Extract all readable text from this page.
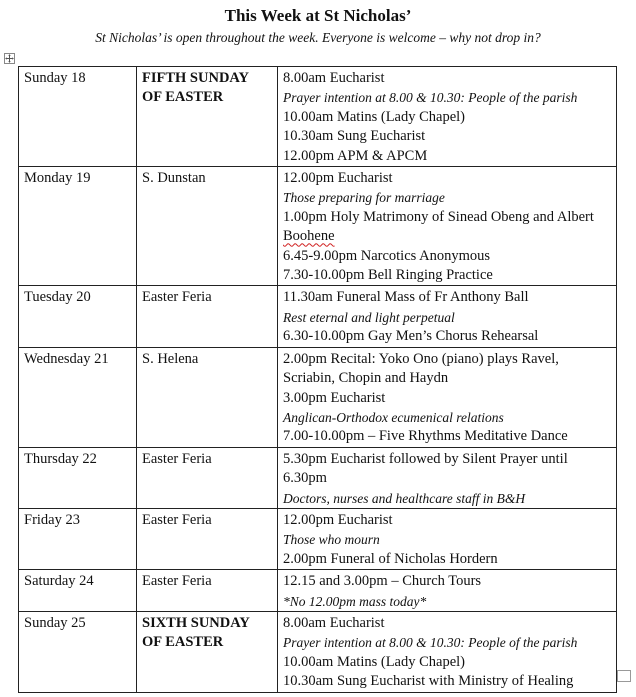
This Week at St Nicholas’
St Nicholas’ is open throughout the week. Everyone is welcome – why not drop in?
Sunday 18	FIFTH SUNDAY OF EASTER	8.00am Eucharist
Prayer intention at 8.00 & 10.30: People of the parish
10.00am Matins (Lady Chapel)
10.30am Sung Eucharist
12.00pm APM & APCM

Monday 19	S. Dunstan	12.00pm Eucharist
Those preparing for marriage
1.00pm Holy Matrimony of Sinead Obeng and Albert Boohene
6.45-9.00pm Narcotics Anonymous
7.30-10.00pm Bell Ringing Practice

Tuesday 20	Easter Feria	11.30am Funeral Mass of Fr Anthony Ball
Rest eternal and light perpetual
6.30-10.00pm Gay Men’s Chorus Rehearsal

Wednesday 21	S. Helena	2.00pm Recital: Yoko Ono (piano) plays Ravel, Scriabin, Chopin and Haydn
3.00pm Eucharist
Anglican-Orthodox ecumenical relations
7.00-10.00pm – Five Rhythms Meditative Dance

Thursday 22	Easter Feria	5.30pm Eucharist followed by Silent Prayer until 6.30pm
Doctors, nurses and healthcare staff in B&H

Friday 23	Easter Feria	12.00pm Eucharist
Those who mourn
2.00pm Funeral of Nicholas Hordern

Saturday 24	Easter Feria	12.15 and 3.00pm – Church Tours
*No 12.00pm mass today*

Sunday 25	SIXTH SUNDAY OF EASTER	8.00am Eucharist
Prayer intention at 8.00 & 10.30: People of the parish
10.00am Matins (Lady Chapel)
10.30am Sung Eucharist with Ministry of Healing
